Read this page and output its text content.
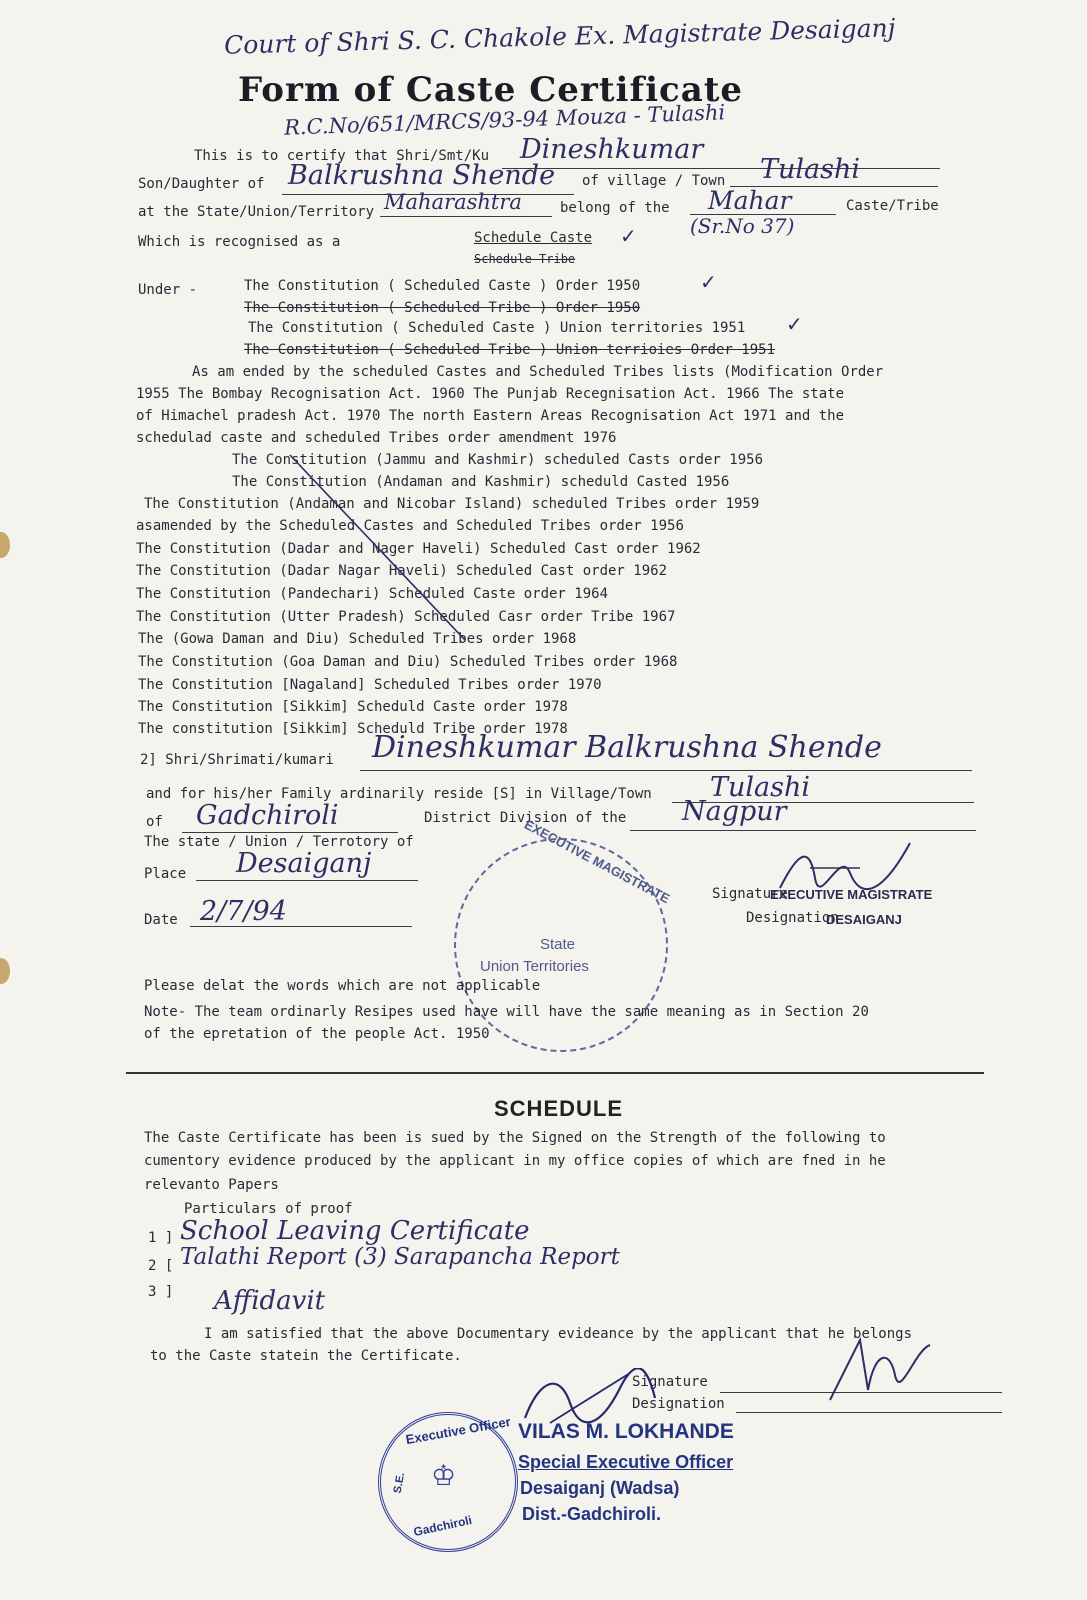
Court of Shri S. C. Chakole Ex. Magistrate Desaiganj
Form of Caste Certificate
R.C.No/651/MRCS/93-94 Mouza - Tulashi
This is to certify that Shri/Smt/Ku Dineshkumar
Son/Daughter of Balkrushna Shende of village / Town Tulashi
at the State/Union/Territory Maharashtra	belong of the Mahar	Caste/Tribe
Which is recognised as a	Schedule Caste ✓	(Sr.No 37)
Schedule Tribe
Under -	The Constitution ( Scheduled Caste ) Order 1950	✓
The Constitution ( Scheduled Tribe ) Order 1950
The Constitution ( Scheduled Caste ) Union territories 1951 ✓
The Constitution ( Scheduled Tribe ) Union terrioies Order 1951
As am ended by the scheduled Castes and Scheduled Tribes lists (Modification Order
1955 The Bombay Recognisation Act. 1960 The Punjab Recegnisation Act. 1966 The state
of Himachel pradesh Act. 1970 The north Eastern Areas Recognisation Act 1971 and the
schedulad caste and scheduled Tribes order amendment 1976
The Constitution (Jammu and Kashmir) scheduled Casts order 1956
The Constitution (Andaman and Kashmir) scheduld Casted 1956
The Constitution (Andaman and Nicobar Island) scheduled Tribes order 1959
asamended by the Scheduled Castes and Scheduled Tribes order 1956
The Constitution (Dadar and Nager Haveli) Scheduled Cast order 1962
The Constitution (Dadar Nagar Haveli) Scheduled Cast order 1962
The Constitution (Pandechari) Scheduled Caste order 1964
The Constitution (Utter Pradesh) Scheduled Casr order Tribe 1967
The (Gowa Daman and Diu) Scheduled Tribes order 1968
The Constitution (Goa Daman and Diu) Scheduled Tribes order 1968
The Constitution [Nagaland] Scheduled Tribes order 1970
The Constitution [Sikkim] Scheduld Caste order 1978
The constitution [Sikkim] Scheduld Tribe order 1978
2] Shri/Shrimati/kumari Dineshkumar Balkrushna Shende
and for his/her Family ardinarily reside [S] in Village/Town Tulashi
of Gadchiroli	District Division of the Nagpur
The state / Union / Terrotory of
Place Desaiganj
Date 2/7/94
EXECUTIVE MAGISTRATE
State
Union Territories
Signature
EXECUTIVE MAGISTRATE
Designation
DESAIGANJ
Please delat the words which are not applicable
Note- The team ordinarly Resipes used have will have the same meaning as in Section 20
of the epretation of the people Act. 1950
SCHEDULE
The Caste Certificate has been is sued by the Signed on the Strength of the following to
cumentory evidence produced by the applicant in my office copies of which are fned in he
relevanto Papers
Particulars of proof
1 ] School Leaving Certificate
2 [ Talathi Report (3) Sarapancha Report
3 ] Affidavit
I am satisfied that the above Documentary evideance by the applicant that he belongs
to the Caste statein the Certificate.
Signature
Designation
Executive Officer
♔
S.E.
Gadchiroli
VILAS M. LOKHANDE
Special Executive Officer
Desaiganj (Wadsa)
Dist.-Gadchiroli.
